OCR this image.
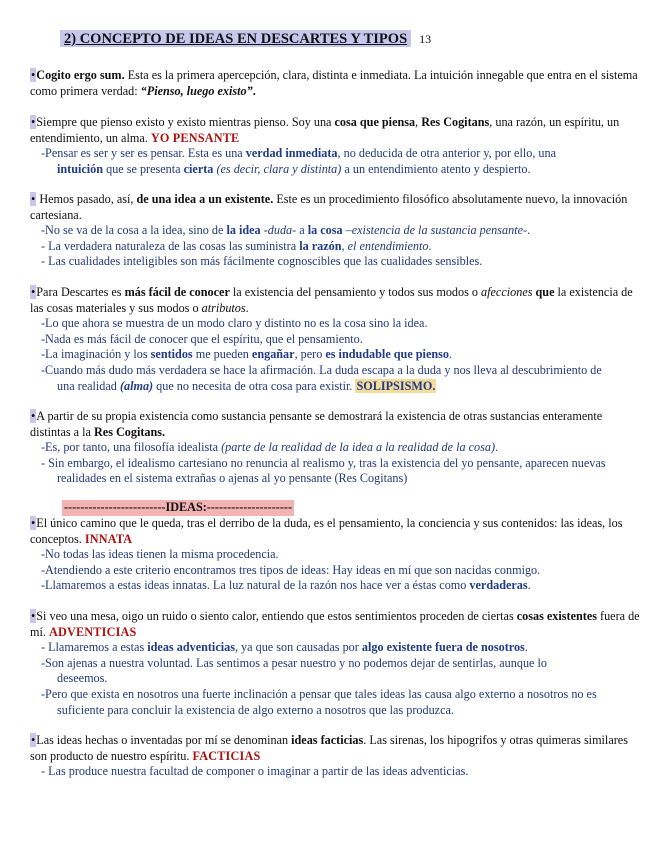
2) CONCEPTO DE IDEAS EN DESCARTES Y TIPOS 13

•Cogito ergo sum. Esta es la primera apercepción, clara, distinta e inmediata. La intuición innegable que entra en el sistema como primera verdad: “Pienso, luego existo”.

•Siempre que pienso existo y existo mientras pienso. Soy una cosa que piensa, Res Cogitans, una razón, un espíritu, un entendimiento, un alma. YO PENSANTE

-Pensar es ser y ser es pensar. Esta es una verdad inmediata, no deducida de otra anterior y, por ello, una
intuición que se presenta cierta (es decir, clara y distinta) a un entendimiento atento y despierto.

• Hemos pasado, así, de una idea a un existente. Este es un procedimiento filosófico absolutamente nuevo, la innovación cartesiana.

-No se va de la cosa a la idea, sino de la idea -duda- a la cosa –existencia de la sustancia pensante-.

- La verdadera naturaleza de las cosas las suministra la razón, el entendimiento.

- Las cualidades inteligibles son más fácilmente cognoscibles que las cualidades sensibles.

•Para Descartes es más fácil de conocer la existencia del pensamiento y todos sus modos o afecciones que la existencia de las cosas materiales y sus modos o atributos.

-Lo que ahora se muestra de un modo claro y distinto no es la cosa sino la idea.

-Nada es más fácil de conocer que el espíritu, que el pensamiento.

-La imaginación y los sentidos me pueden engañar, pero es indudable que pienso.

-Cuando más dudo más verdadera se hace la afirmación. La duda escapa a la duda y nos lleva al descubrimiento de
una realidad (alma) que no necesita de otra cosa para existir. SOLIPSISMO.

•A partir de su propia existencia como sustancia pensante se demostrará la existencia de otras sustancias enteramente distintas a la Res Cogitans.

-Es, por tanto, una filosofía idealista (parte de la realidad de la idea a la realidad de la cosa).

- Sin embargo, el idealismo cartesiano no renuncia al realismo y, tras la existencia del yo pensante, aparecen nuevas
realidades en el sistema extrañas o ajenas al yo pensante (Res Cogitans)

-------------------------IDEAS:---------------------

•El único camino que le queda, tras el derribo de la duda, es el pensamiento, la conciencia y sus contenidos: las ideas, los conceptos. INNATA

-No todas las ideas tienen la misma procedencia.

-Atendiendo a este criterio encontramos tres tipos de ideas: Hay ideas en mí que son nacidas conmigo.

-Llamaremos a estas ideas innatas. La luz natural de la razón nos hace ver a éstas como verdaderas.

•Si veo una mesa, oigo un ruido o siento calor, entiendo que estos sentimientos proceden de ciertas cosas existentes fuera de mí. ADVENTICIAS

- Llamaremos a estas ideas adventicias, ya que son causadas por algo existente fuera de nosotros.

-Son ajenas a nuestra voluntad. Las sentimos a pesar nuestro y no podemos dejar de sentirlas, aunque lo
deseemos.

-Pero que exista en nosotros una fuerte inclinación a pensar que tales ideas las causa algo externo a nosotros no es
suficiente para concluir la existencia de algo externo a nosotros que las produzca.

•Las ideas hechas o inventadas por mí se denominan ideas facticias. Las sirenas, los hipogrifos y otras quimeras similares son producto de nuestro espíritu. FACTICIAS

- Las produce nuestra facultad de componer o imaginar a partir de las ideas adventicias.
